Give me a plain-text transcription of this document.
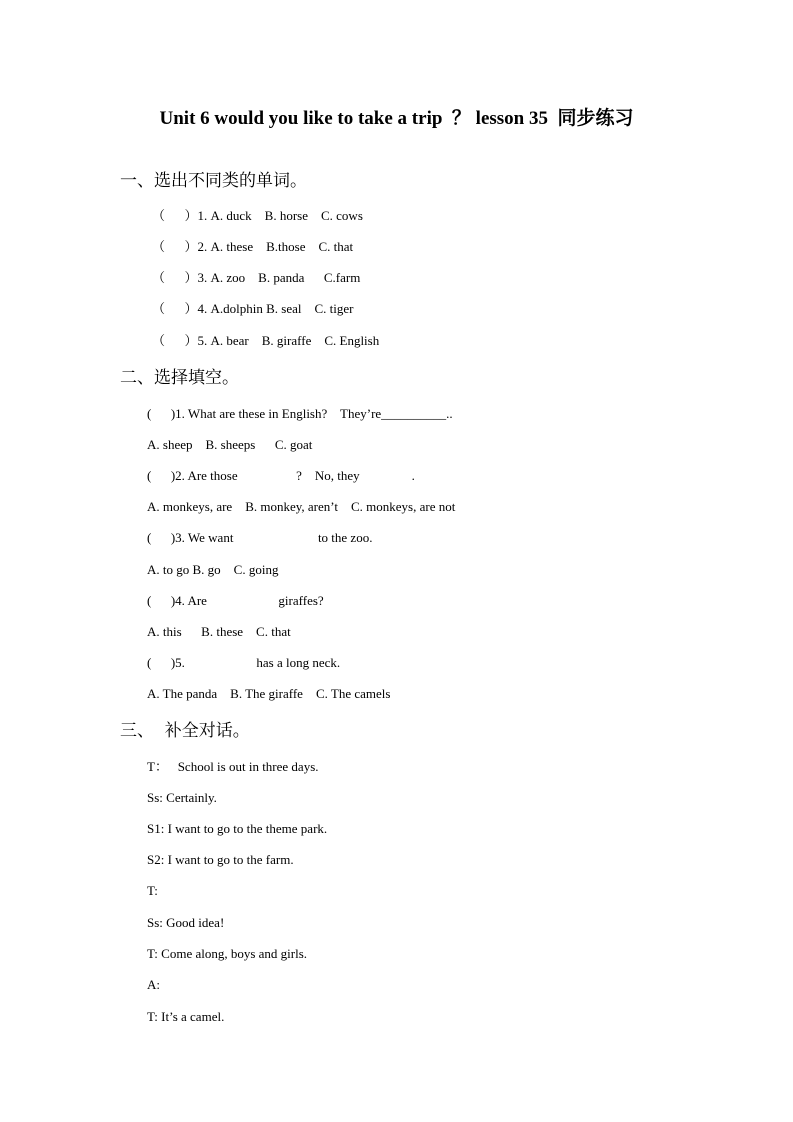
Unit 6 would you like to take a trip  ？ lesson 35  同步练习
一、选出不同类的单词。
（      ）1. A. duck    B. horse    C. cows
（      ）2. A. these    B.those    C. that
（      ）3. A. zoo    B. panda      C.farm
（      ）4. A.dolphin B. seal    C. tiger
（      ）5. A. bear    B. giraffe    C. English
二、选择填空。
(      )1. What are these in English?    They’re__________..
A. sheep    B. sheeps      C. goat
(      )2. Are those                  ?    No, they                .
A. monkeys, are    B. monkey, aren’t    C. monkeys, are not
(      )3. We want                          to the zoo.
A. to go B. go    C. going
(      )4. Are                      giraffes?
A. this      B. these    C. that
(      )5.                      has a long neck.
A. The panda    B. The giraffe    C. The camels
三、  补全对话。
T：   School is out in three days.
Ss: Certainly.
S1: I want to go to the theme park.
S2: I want to go to the farm.
T:
Ss: Good idea!
T: Come along, boys and girls.
A:
T: It’s a camel.
